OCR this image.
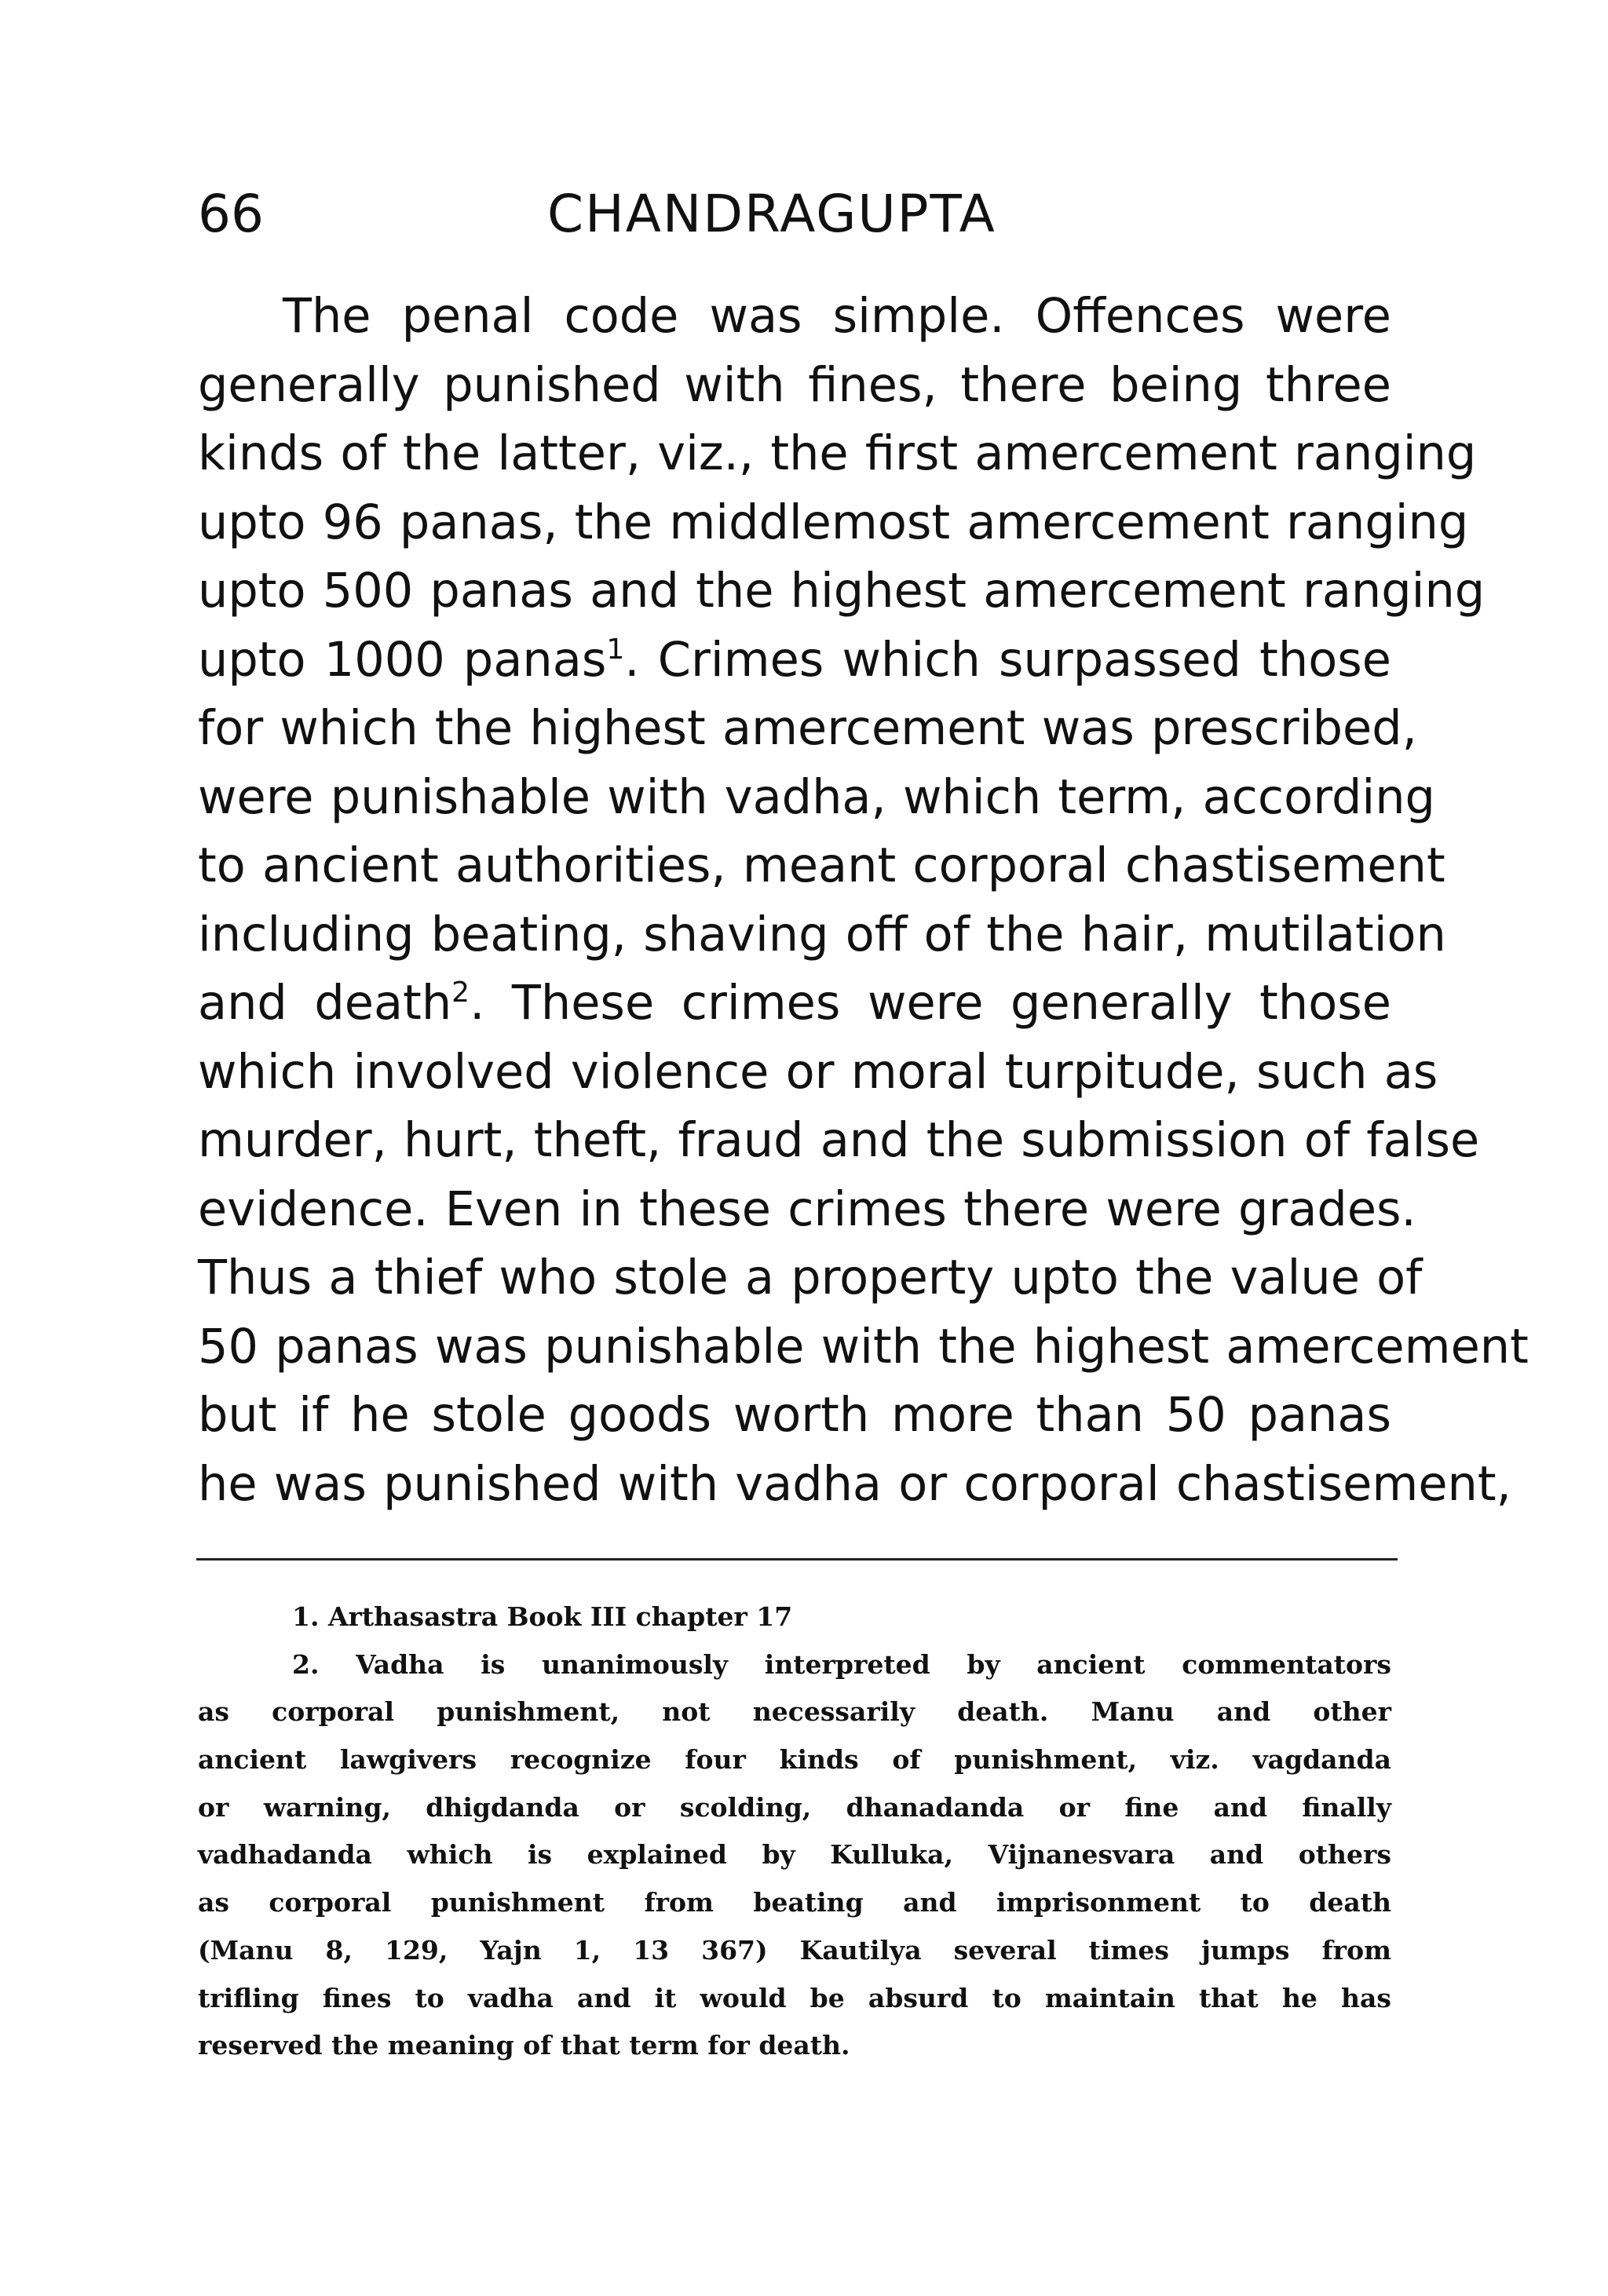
66	CHANDRAGUPTA
The penal code was simple. Offences were
generally punished with fines, there being three
kinds of the latter, viz., the first amercement ranging
upto 96 panas, the middlemost amercement ranging
upto 500 panas and the highest amercement ranging
upto 1000 panas$^1$. Crimes which surpassed those
for which the highest amercement was prescribed,
were punishable with vadha, which term, according
to ancient authorities, meant corporal chastisement
including beating, shaving off of the hair, mutilation
and death$^2$. These crimes were generally those
which involved violence or moral turpitude, such as
murder, hurt, theft, fraud and the submission of false
evidence. Even in these crimes there were grades.
Thus a thief who stole a property upto the value of
50 panas was punishable with the highest amercement
but if he stole goods worth more than 50 panas
he was punished with vadha or corporal chastisement,
1. Arthasastra Book III chapter 17
2. Vadha is unanimously interpreted by ancient commentators
as corporal punishment, not necessarily death. Manu and other
ancient lawgivers recognize four kinds of punishment, viz. vagdanda
or warning, dhigdanda or scolding, dhanadanda or fine and finally
vadhadanda which is explained by Kulluka, Vijnanesvara and others
as corporal punishment from beating and imprisonment to death
(Manu 8, 129, Yajn 1, 13 367) Kautilya several times jumps from
trifling fines to vadha and it would be absurd to maintain that he has
reserved the meaning of that term for death.
